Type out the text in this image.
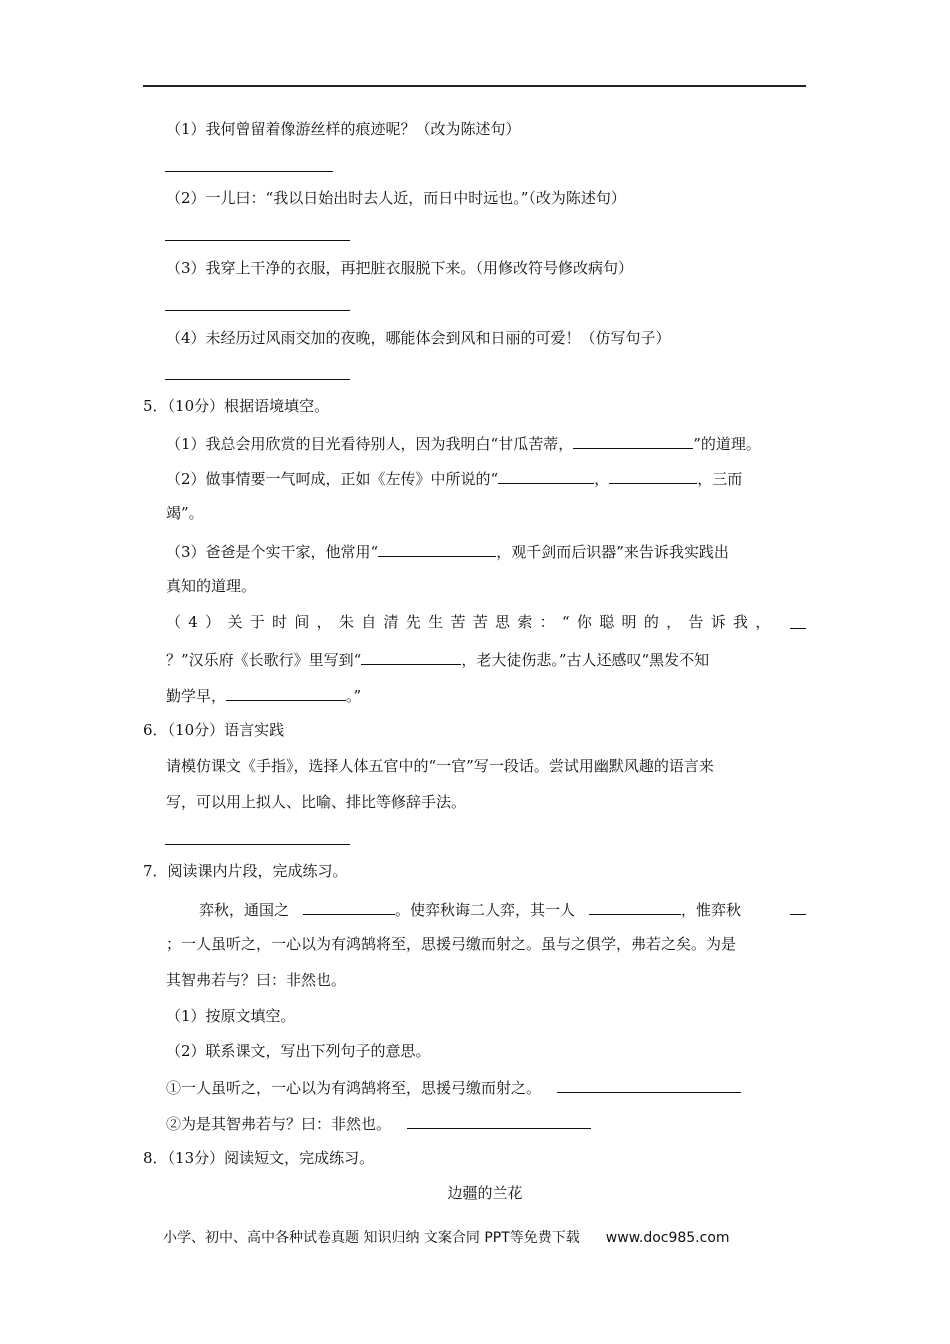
（1）我何曾留着像游丝样的痕迹呢？（改为陈述句）
（2）一儿曰：“我以日始出时去人近，而日中时远也。”（改为陈述句）
（3）我穿上干净的衣服，再把脏衣服脱下来。（用修改符号修改病句）
（4）未经历过风雨交加的夜晚，哪能体会到风和日丽的可爱！（仿写句子）
5．（10分）根据语境填空。
（1）我总会用欣赏的目光看待别人，因为我明白“甘瓜苦蒂，	”的道理。
（2）做事情要一气呵成，正如《左传》中所说的“	，	，三而
竭”。
（3）爸爸是个实干家，他常用“	，观千剑而后识器”来告诉我实践出
真知的道理。
（4）关于时间，朱自清先生苦苦思索：“你聪明的，告诉我，
？”汉乐府《长歌行》里写到“	，老大徒伤悲。”古人还感叹“黑发不知
勤学早，	。”
6．（10分）语言实践
请模仿课文《手指》，选择人体五官中的“一官”写一段话。尝试用幽默风趣的语言来
写，可以用上拟人、比喻、排比等修辞手法。
7．阅读课内片段，完成练习。
弈秋，通国之	。使弈秋诲二人弈，其一人	，惟弈秋
；一人虽听之，一心以为有鸿鹄将至，思援弓缴而射之。虽与之俱学，弗若之矣。为是
其智弗若与？曰：非然也。
（1）按原文填空。
（2）联系课文，写出下列句子的意思。
①一人虽听之，一心以为有鸿鹄将至，思援弓缴而射之。
②为是其智弗若与？曰：非然也。
8．（13分）阅读短文，完成练习。
边疆的兰花
小学、初中、高中各种试卷真题 知识归纳 文案合同 PPT等免费下载 www.doc985.com
